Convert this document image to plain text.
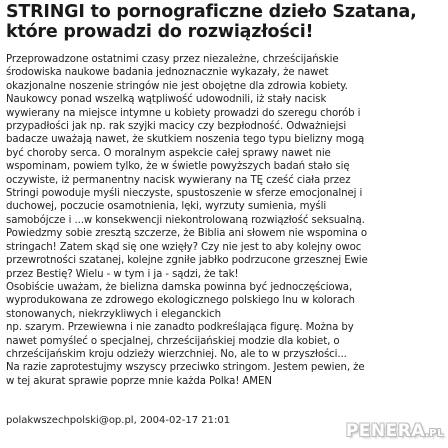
STRINGI to pornograficzne dzieło Szatana, które prowadzi do rozwiązłości!

Przeprowadzone ostatnimi czasy przez niezależne, chrześcijańskie
środowiska naukowe badania jednoznacznie wykazały, że nawet
okazjonalne noszenie stringów nie jest obojętne dla zdrowia kobiety.
Naukowcy ponad wszelką wątpliwość udowodnili, iż stały nacisk
wywierany na miejsce intymne u kobiety prowadzi do szeregu chorób i
przypadłości jak np. rak szyjki macicy czy bezpłodność. Odważniejsi
badacze uważają nawet, że skutkiem noszenia tego typu bielizny mogą
być choroby serca. O moralnym aspekcie całej sprawy nawet nie
wspominam, powiem tylko, że w świetle powyższych badań stało się
oczywiste, iż permanentny nacisk wywierany na TĘ cześć ciała przez
Stringi powoduje myśli nieczyste, spustoszenie w sferze emocjonalnej i
duchowej, poczucie osamotnienia, lęki, wyrzuty sumienia, myśli
samobójcze i ...w konsekwencji niekontrolowaną rozwiązłość seksualną.
Powiedzmy sobie zresztą szczerze, że Biblia ani słowem nie wspomina o
stringach! Zatem skąd się one wzięły? Czy nie jest to aby kolejny owoc
przewrotności szatanej, kolejne zgniłe jabłko podrzucone grzesznej Ewie
przez Bestię? Wielu - w tym i ja - sądzi, że tak!
Osobiście uważam, że bielizna damska powinna być jednoczęściowa,
wyprodukowana ze zdrowego ekologicznego polskiego lnu w kolorach
stonowanych, niekrzykliwych i eleganckich
np. szarym. Przewiewna i nie zanadto podkreślająca figurę. Można by
nawet pomyśleć o specjalnej, chrześcijańskiej modzie dla kobiet, o
chrześcijańskim kroju odzieży wierzchniej. No, ale to w przyszłości...
Na razie zaprotestujmy wszyscy przeciwko stringom. Jestem pewien, że
w tej akurat sprawie poprze mnie każda Polka! AMEN

polakwszechpolski@op.pl, 2004-02-17 21:01

PENERA.PL
